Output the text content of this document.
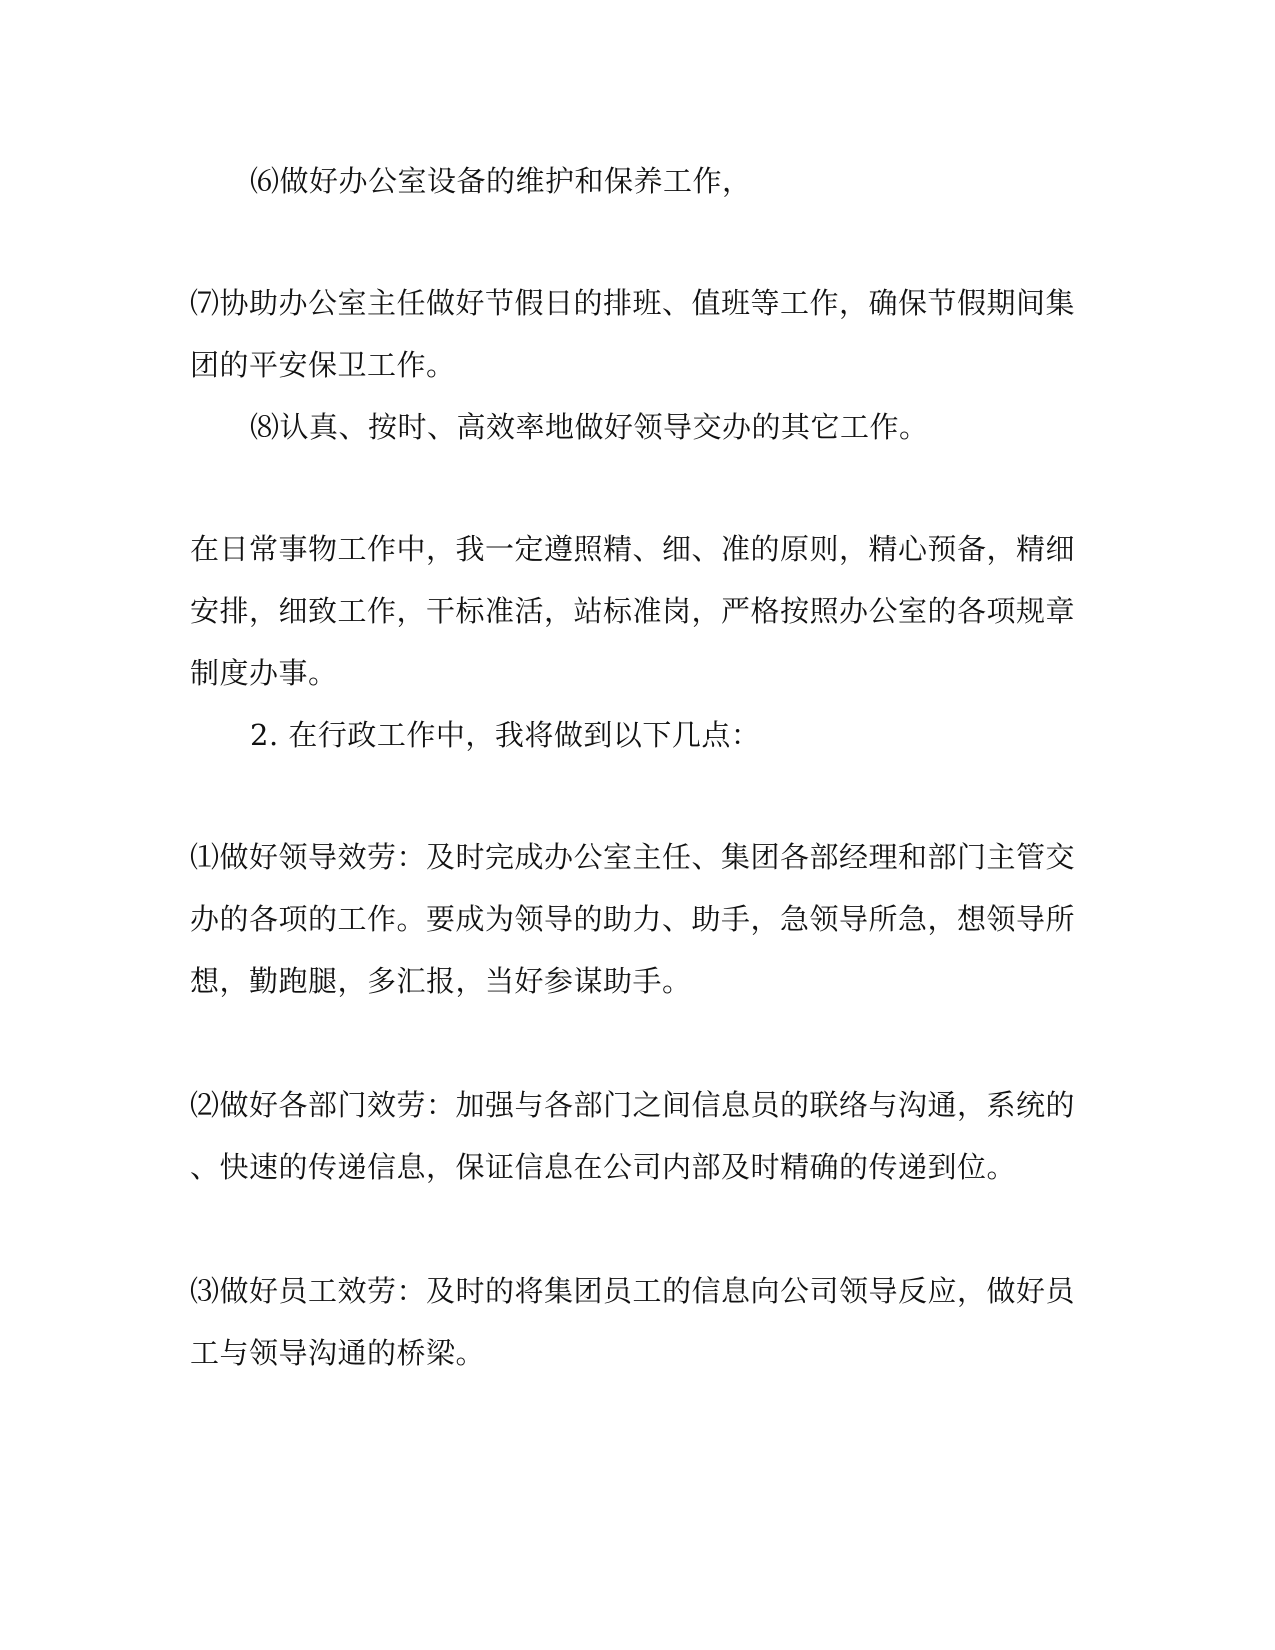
⑹做好办公室设备的维护和保养工作，
⑺协助办公室主任做好节假日的排班、值班等工作，确保节假期间集
团的平安保卫工作。
⑻认真、按时、高效率地做好领导交办的其它工作。
在日常事物工作中，我一定遵照精、细、准的原则，精心预备，精细
安排，细致工作，干标准活，站标准岗，严格按照办公室的各项规章
制度办事。
2. 在行政工作中，我将做到以下几点：
⑴做好领导效劳：及时完成办公室主任、集团各部经理和部门主管交
办的各项的工作。要成为领导的助力、助手，急领导所急，想领导所
想，勤跑腿，多汇报，当好参谋助手。
⑵做好各部门效劳：加强与各部门之间信息员的联络与沟通，系统的
、快速的传递信息，保证信息在公司内部及时精确的传递到位。
⑶做好员工效劳：及时的将集团员工的信息向公司领导反应，做好员
工与领导沟通的桥梁。
